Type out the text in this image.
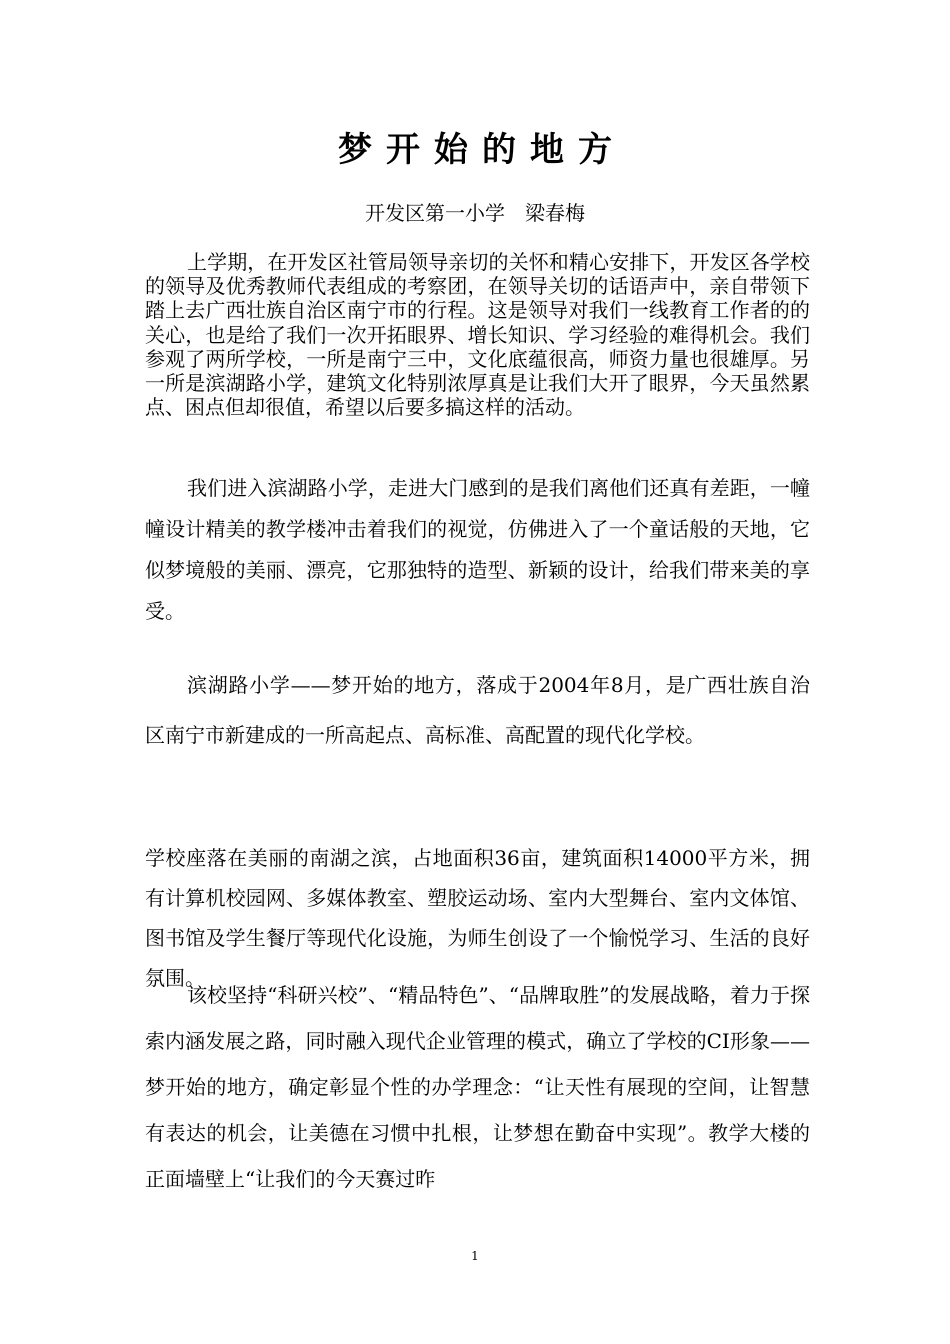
梦开始的地方

开发区第一小学　梁春梅

上学期，在开发区社管局领导亲切的关怀和精心安排下，开发区各学校的领导及优秀教师代表组成的考察团，在领导关切的话语声中，亲自带领下踏上去广西壮族自治区南宁市的行程。这是领导对我们一线教育工作者的的关心，也是给了我们一次开拓眼界、增长知识、学习经验的难得机会。我们参观了两所学校，一所是南宁三中，文化底蕴很高，师资力量也很雄厚。另一所是滨湖路小学，建筑文化特别浓厚真是让我们大开了眼界，今天虽然累点、困点但却很值，希望以后要多搞这样的活动。

我们进入滨湖路小学，走进大门感到的是我们离他们还真有差距，一幢幢设计精美的教学楼冲击着我们的视觉，仿佛进入了一个童话般的天地，它似梦境般的美丽、漂亮，它那独特的造型、新颖的设计，给我们带来美的享受。

滨湖路小学——梦开始的地方，落成于2004年8月，是广西壮族自治区南宁市新建成的一所高起点、高标准、高配置的现代化学校。

学校座落在美丽的南湖之滨，占地面积36亩，建筑面积14000平方米，拥有计算机校园网、多媒体教室、塑胶运动场、室内大型舞台、室内文体馆、图书馆及学生餐厅等现代化设施，为师生创设了一个愉悦学习、生活的良好氛围。

该校坚持“科研兴校”、“精品特色”、“品牌取胜”的发展战略，着力于探索内涵发展之路，同时融入现代企业管理的模式，确立了学校的CI形象——梦开始的地方，确定彰显个性的办学理念：“让天性有展现的空间，让智慧有表达的机会，让美德在习惯中扎根，让梦想在勤奋中实现”。教学大楼的正面墙壁上“让我们的今天赛过昨

1
